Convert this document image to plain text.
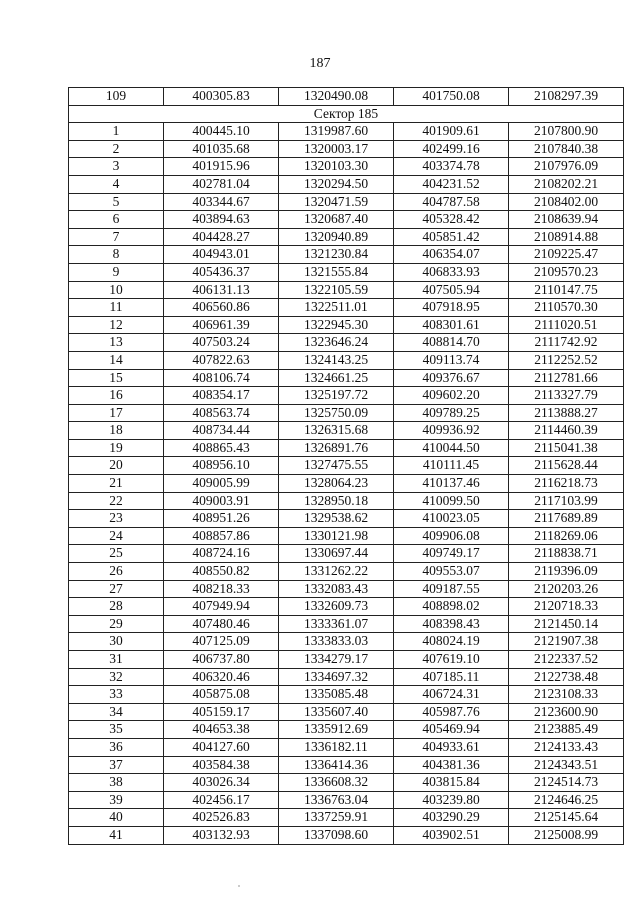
187
109	400305.83	1320490.08	401750.08	2108297.39
Сектор 185				
1	400445.10	1319987.60	401909.61	2107800.90
2	401035.68	1320003.17	402499.16	2107840.38
3	401915.96	1320103.30	403374.78	2107976.09
4	402781.04	1320294.50	404231.52	2108202.21
5	403344.67	1320471.59	404787.58	2108402.00
6	403894.63	1320687.40	405328.42	2108639.94
7	404428.27	1320940.89	405851.42	2108914.88
8	404943.01	1321230.84	406354.07	2109225.47
9	405436.37	1321555.84	406833.93	2109570.23
10	406131.13	1322105.59	407505.94	2110147.75
11	406560.86	1322511.01	407918.95	2110570.30
12	406961.39	1322945.30	408301.61	2111020.51
13	407503.24	1323646.24	408814.70	2111742.92
14	407822.63	1324143.25	409113.74	2112252.52
15	408106.74	1324661.25	409376.67	2112781.66
16	408354.17	1325197.72	409602.20	2113327.79
17	408563.74	1325750.09	409789.25	2113888.27
18	408734.44	1326315.68	409936.92	2114460.39
19	408865.43	1326891.76	410044.50	2115041.38
20	408956.10	1327475.55	410111.45	2115628.44
21	409005.99	1328064.23	410137.46	2116218.73
22	409003.91	1328950.18	410099.50	2117103.99
23	408951.26	1329538.62	410023.05	2117689.89
24	408857.86	1330121.98	409906.08	2118269.06
25	408724.16	1330697.44	409749.17	2118838.71
26	408550.82	1331262.22	409553.07	2119396.09
27	408218.33	1332083.43	409187.55	2120203.26
28	407949.94	1332609.73	408898.02	2120718.33
29	407480.46	1333361.07	408398.43	2121450.14
30	407125.09	1333833.03	408024.19	2121907.38
31	406737.80	1334279.17	407619.10	2122337.52
32	406320.46	1334697.32	407185.11	2122738.48
33	405875.08	1335085.48	406724.31	2123108.33
34	405159.17	1335607.40	405987.76	2123600.90
35	404653.38	1335912.69	405469.94	2123885.49
36	404127.60	1336182.11	404933.61	2124133.43
37	403584.38	1336414.36	404381.36	2124343.51
38	403026.34	1336608.32	403815.84	2124514.73
39	402456.17	1336763.04	403239.80	2124646.25
40	402526.83	1337259.91	403290.29	2125145.64
41	403132.93	1337098.60	403902.51	2125008.99
